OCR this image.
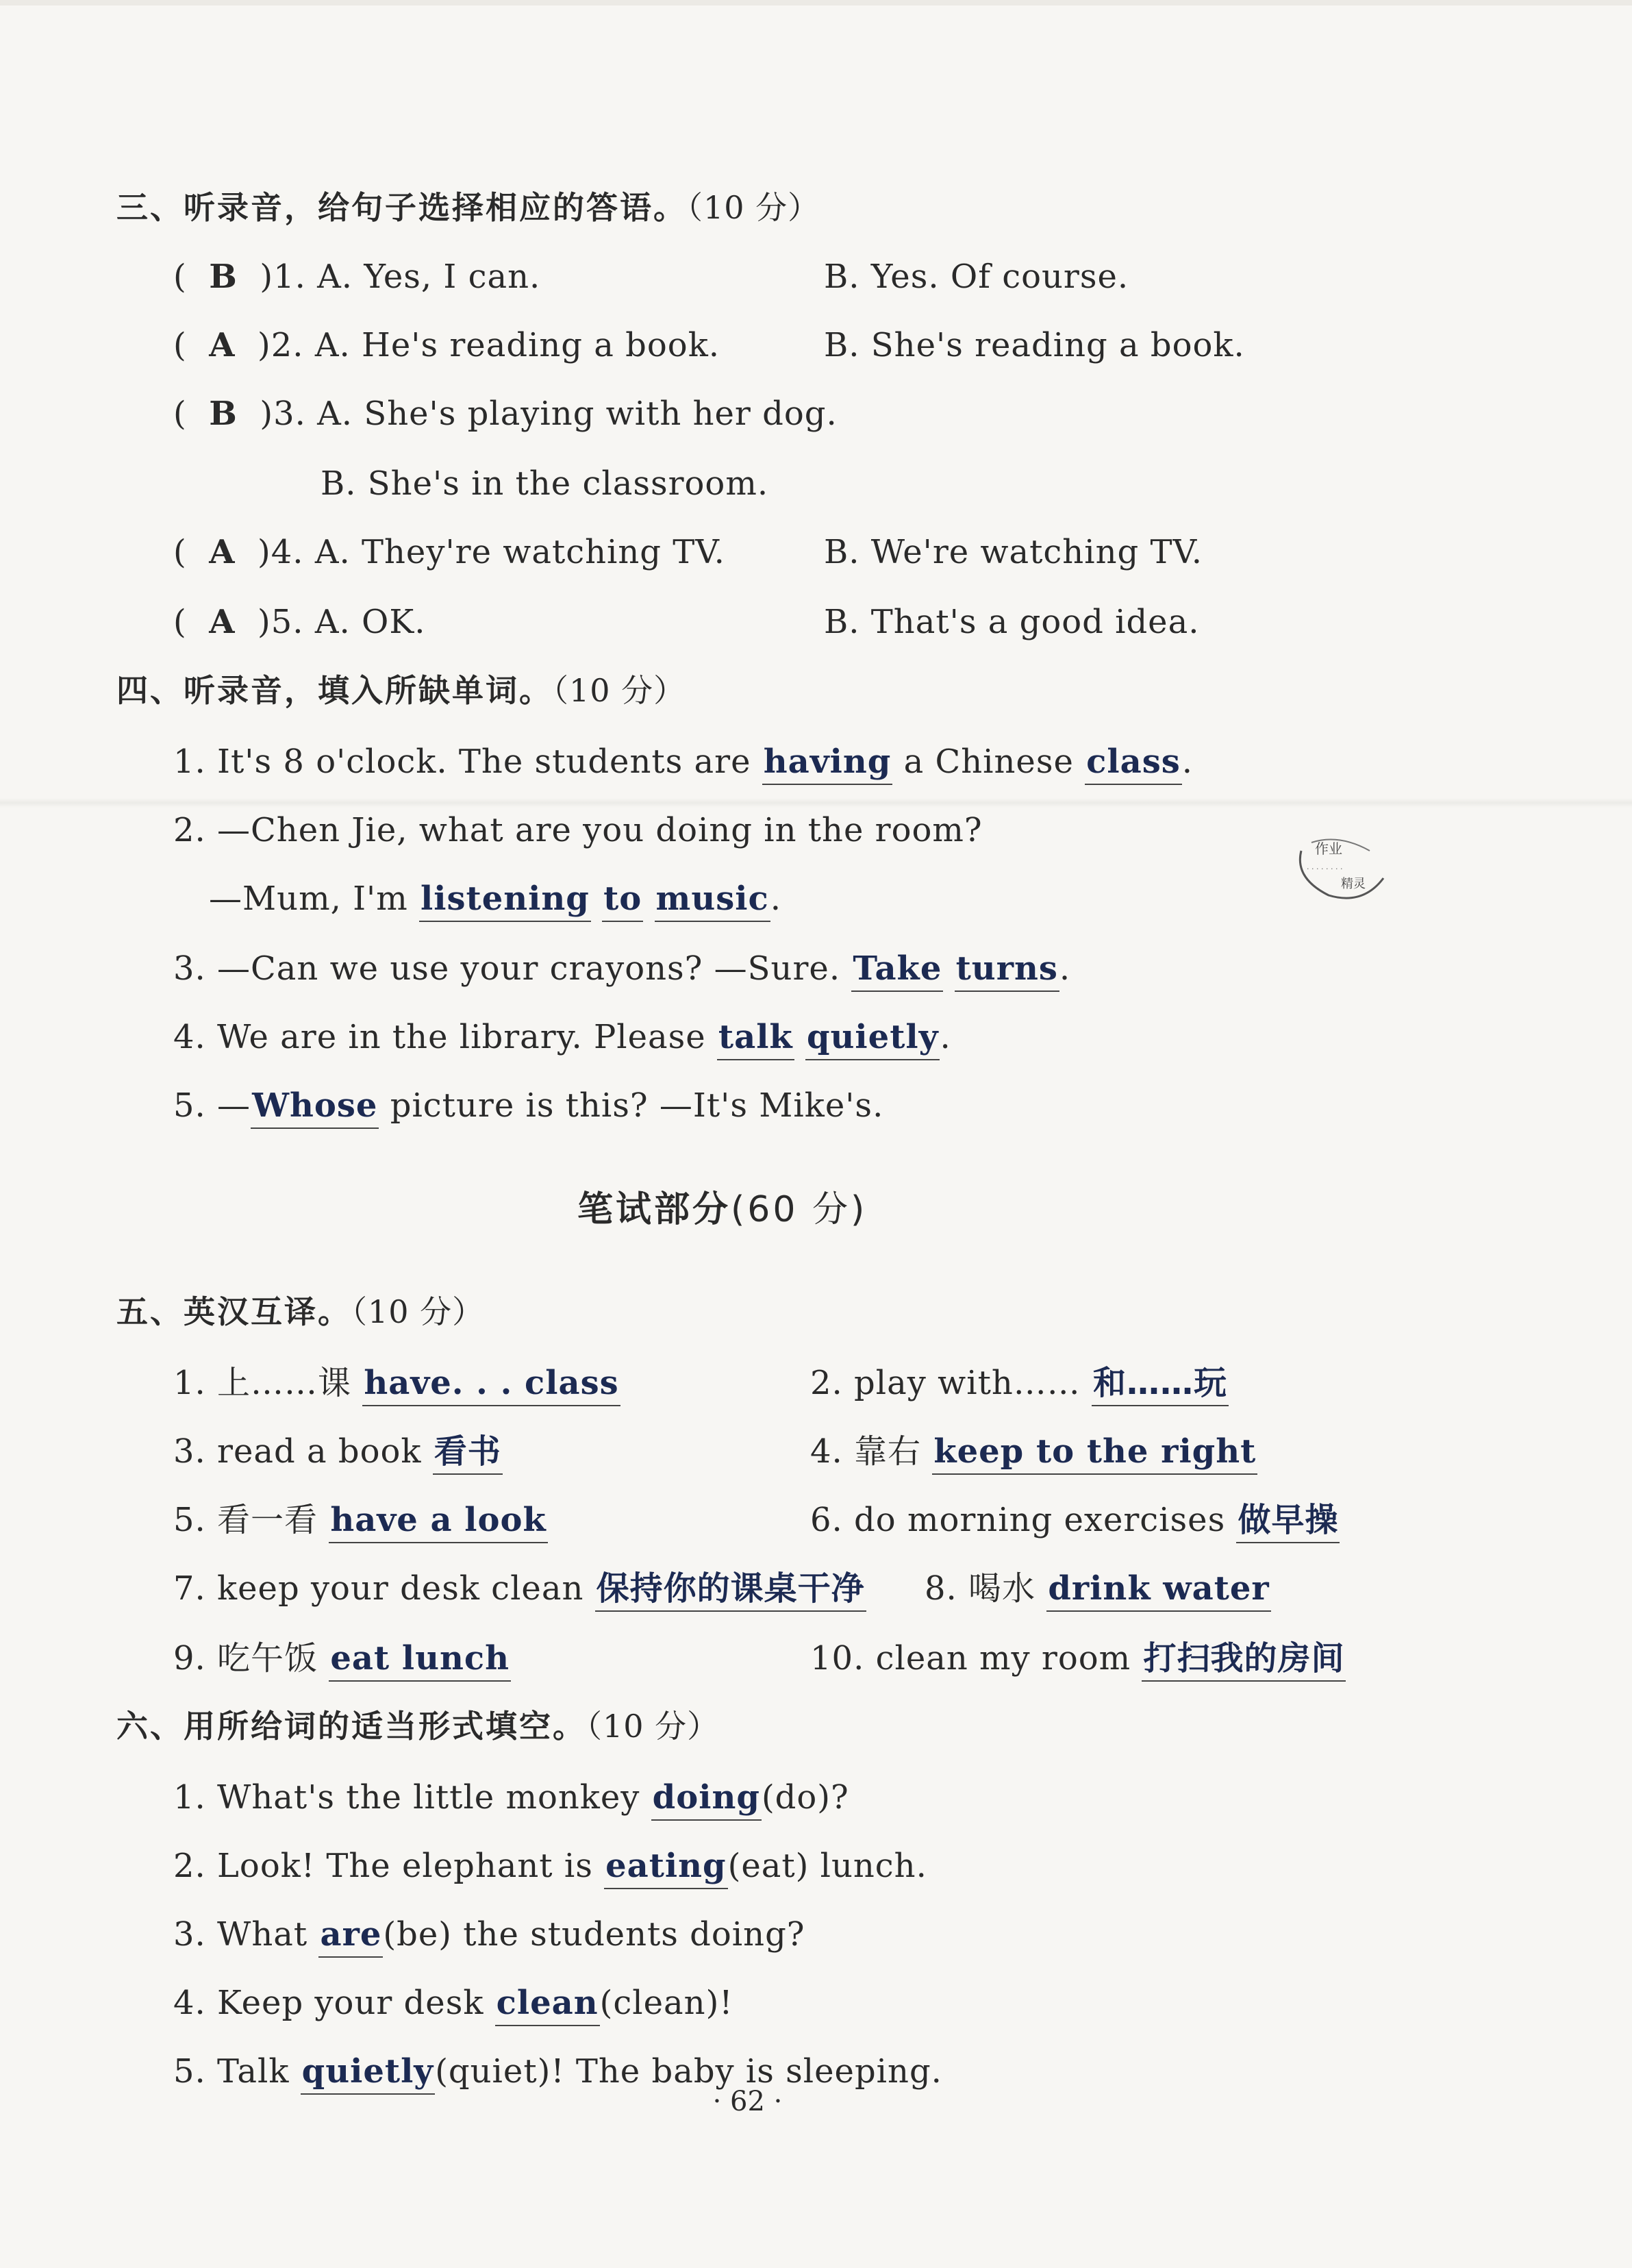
三、听录音，给句子选择相应的答语。（10 分）
(  B )1. A. Yes, I can.	B. Yes. Of course.
(  A )2. A. He's reading a book.	B. She's reading a book.
(  B )3. A. She's playing with her dog.
B. She's in the classroom.
(  A )4. A. They're watching TV.	B. We're watching TV.
(  A )5. A. OK.	B. That's a good idea.
四、听录音，填入所缺单词。（10 分）
1. It's 8 o'clock. The students are having a Chinese class.
2. —Chen Jie, what are you doing in the room?
—Mum, I'm listening to music.
3. —Can we use your crayons? —Sure. Take turns.
4. We are in the library. Please talk quietly.
5. —Whose picture is this? —It's Mike's.
笔试部分(60 分)
五、英汉互译。（10 分）
1. 上……课 have. . . class	2. play with…… 和……玩
3. read a book 看书	4. 靠右 keep to the right
5. 看一看 have a look	6. do morning exercises 做早操
7. keep your desk clean 保持你的课桌干净 8. 喝水 drink water
9. 吃午饭 eat lunch	10. clean my room 打扫我的房间
六、用所给词的适当形式填空。（10 分）
1. What's the little monkey doing(do)?
2. Look! The elephant is eating(eat) lunch.
3. What are(be) the students doing?
4. Keep your desk clean(clean)!
5. Talk quietly(quiet)! The baby is sleeping.
· 62 ·
作业
· · · · · · · ·
精灵
